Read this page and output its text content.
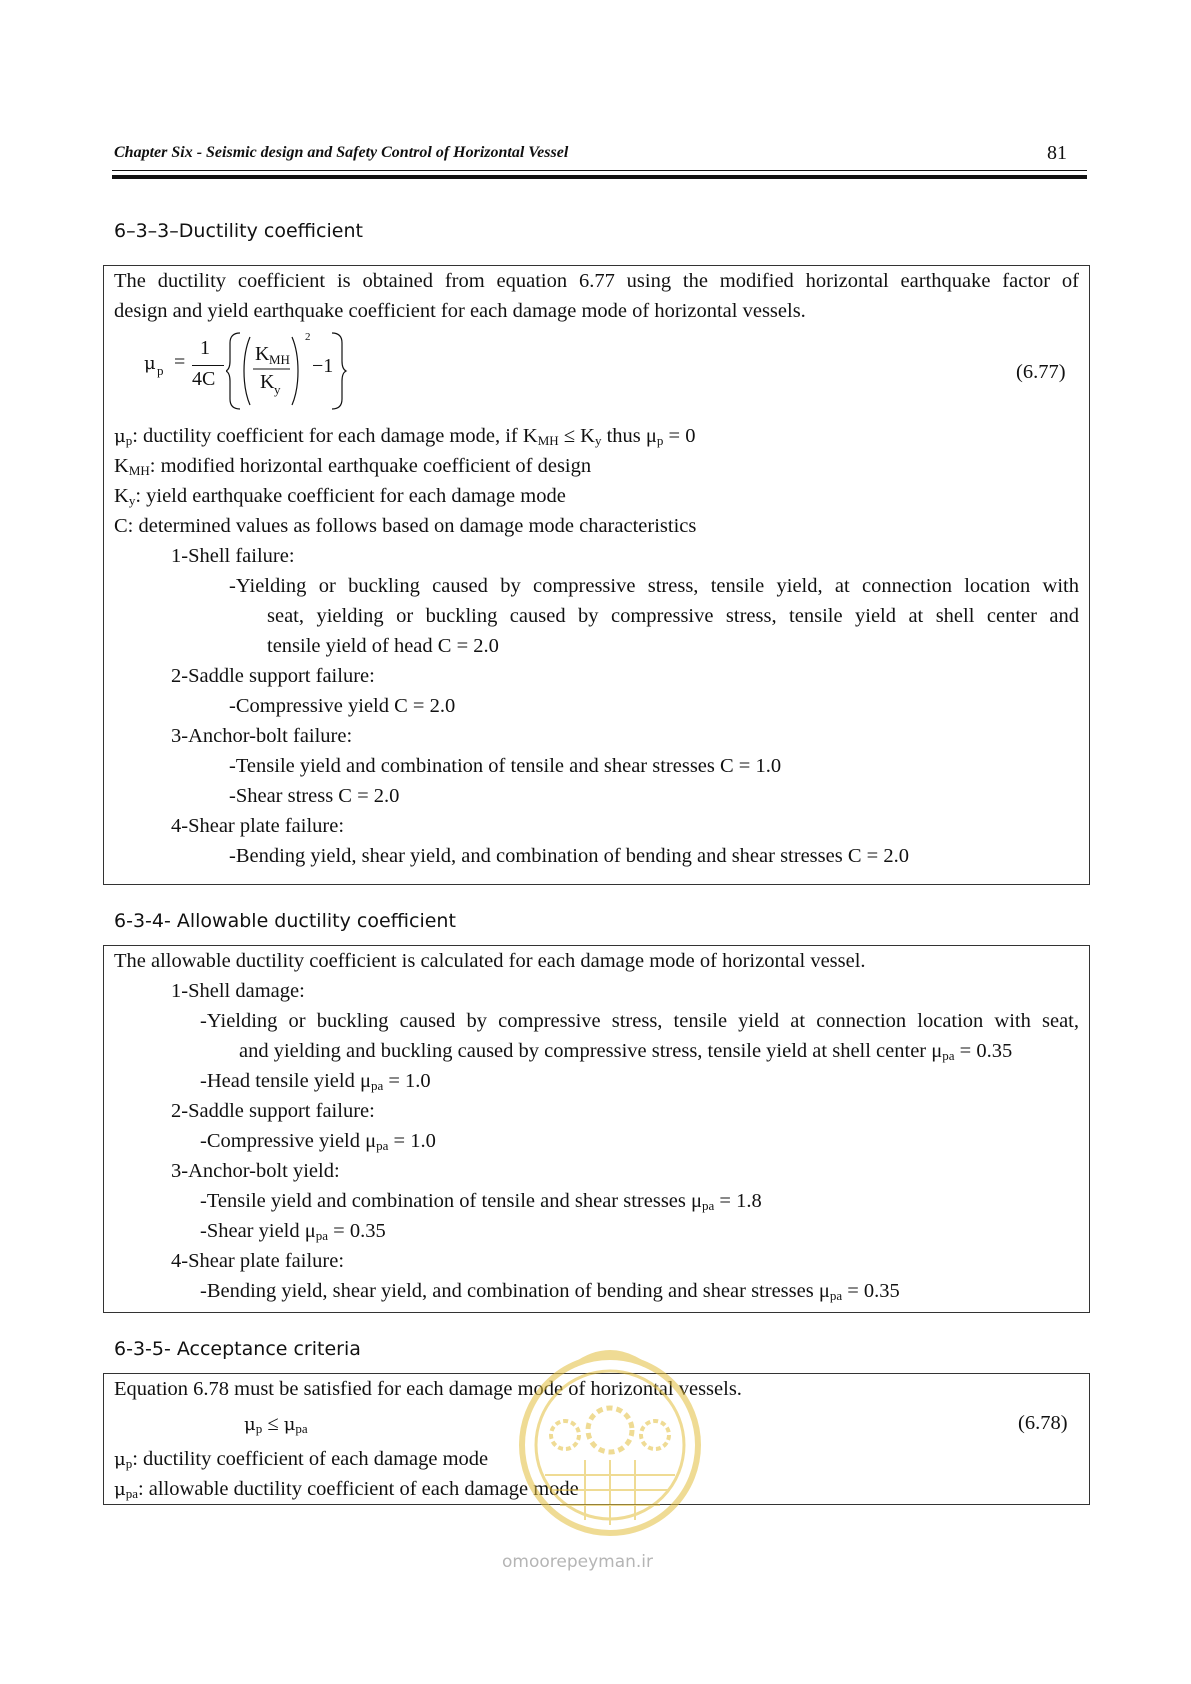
Chapter Six - Seismic design and Safety Control of Horizontal Vessel	81
6–3–3–Ductility coefficient
The ductility coefficient is obtained from equation 6.77 using the modified horizontal earthquake factor of
design and yield earthquake coefficient for each damage mode of horizontal vessels.
μ p =
1
4C
K MH
K y
2
−1	(6.77)
$\mu_p$: ductility coefficient for each damage mode, if $K_{MH} \le K_y$ thus $\mu_p = 0$
$K_{MH}$: modified horizontal earthquake coefficient of design
$K_y$: yield earthquake coefficient for each damage mode
C: determined values as follows based on damage mode characteristics
1-Shell failure:
-Yielding or buckling caused by compressive stress, tensile yield, at connection location with
seat, yielding or buckling caused by compressive stress, tensile yield at shell center and
tensile yield of head C = 2.0
2-Saddle support failure:
-Compressive yield C = 2.0
3-Anchor-bolt failure:
-Tensile yield and combination of tensile and shear stresses C = 1.0
-Shear stress C = 2.0
4-Shear plate failure:
-Bending yield, shear yield, and combination of bending and shear stresses C = 2.0
6-3-4- Allowable ductility coefficient
The allowable ductility coefficient is calculated for each damage mode of horizontal vessel.
1-Shell damage:
-Yielding or buckling caused by compressive stress, tensile yield at connection location with seat,
and yielding and buckling caused by compressive stress, tensile yield at shell center $\mu_{pa} = 0.35$
-Head tensile yield $\mu_{pa} = 1.0$
2-Saddle support failure:
-Compressive yield $\mu_{pa} = 1.0$
3-Anchor-bolt yield:
-Tensile yield and combination of tensile and shear stresses $\mu_{pa} = 1.8$
-Shear yield $\mu_{pa} = 0.35$
4-Shear plate failure:
-Bending yield, shear yield, and combination of bending and shear stresses $\mu_{pa} = 0.35$
6-3-5- Acceptance criteria
Equation 6.78 must be satisfied for each damage mode of horizontal vessels.
$\mu_p \le \mu_{pa}$	(6.78)
$\mu_p$: ductility coefficient of each damage mode
$\mu_{pa}$: allowable ductility coefficient of each damage mode
omoorepeyman.ir
